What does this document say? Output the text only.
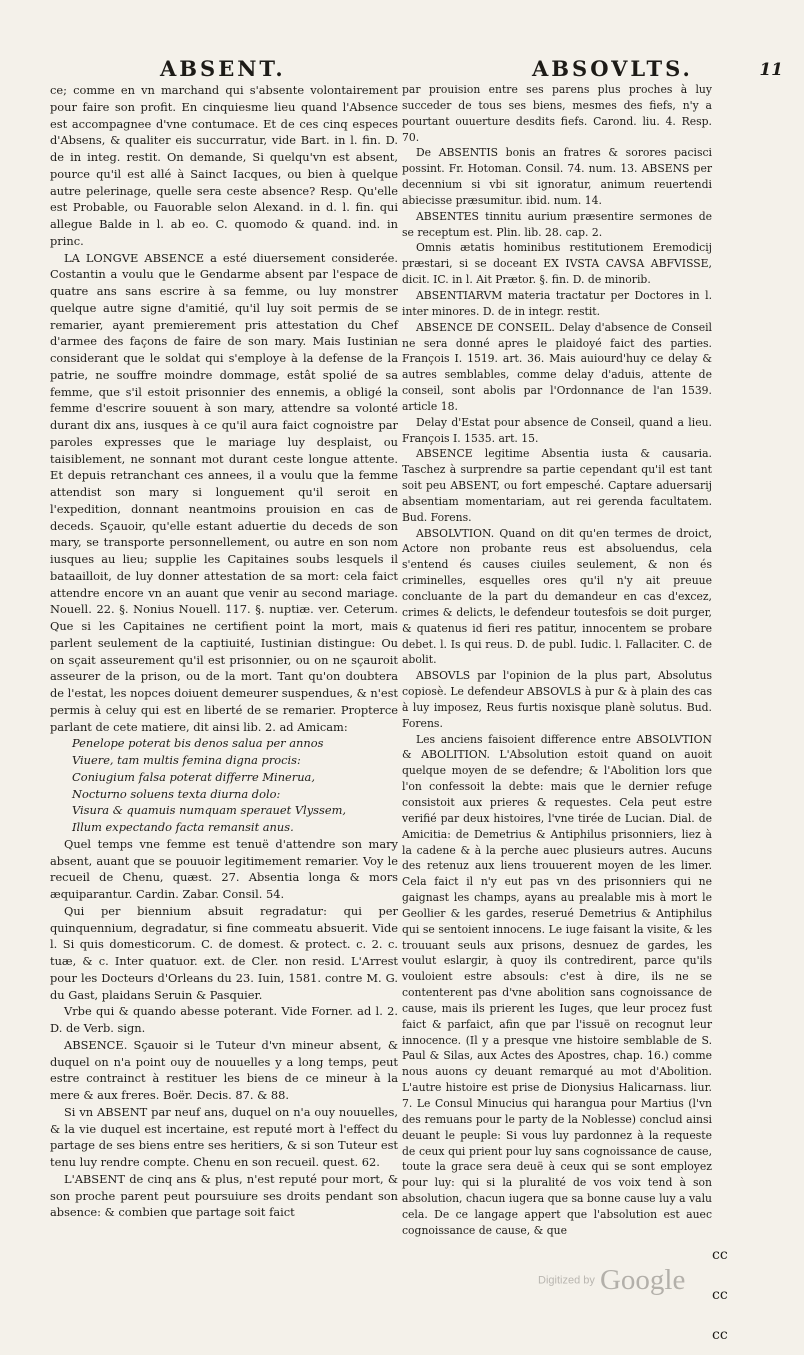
ABSENT.	ABSOVLTS.	11

ce; comme en vn marchand qui s'absente volontairement pour faire son profit. En cinquiesme lieu quand l'Absence est accompagnee d'vne contumace. Et de ces cinq especes d'Absens, & qualiter eis succurratur, vide Bart. in l. fin. D. de in integ. restit. On demande, Si quelqu'vn est absent, pource qu'il est allé à Sainct Iacques, ou bien à quelque autre pelerinage, quelle sera ceste absence? Resp. Qu'elle est Probable, ou Fauorable selon Alexand. in d. l. fin. qui allegue Balde in l. ab eo. C. quomodo & quand. ind. in princ.

LA LONGVE ABSENCE a esté diuersement considerée. Costantin a voulu que le Gendarme absent par l'espace de quatre ans sans escrire à sa femme, ou luy monstrer quelque autre signe d'amitié, qu'il luy soit permis de se remarier, ayant premierement pris attestation du Chef d'armee des façons de faire de son mary. Mais Iustinian considerant que le soldat qui s'employe à la defense de la patrie, ne souffre moindre dommage, estât spolié de sa femme, que s'il estoit prisonnier des ennemis, a obligé la femme d'escrire souuent à son mary, attendre sa volonté durant dix ans, iusques à ce qu'il aura faict cognoistre par paroles expresses que le mariage luy desplaist, ou taisiblement, ne sonnant mot durant ceste longue attente. Et depuis retranchant ces annees, il a voulu que la femme attendist son mary si longuement qu'il seroit en l'expedition, donnant neantmoins prouision en cas de deceds. Sçauoir, qu'elle estant aduertie du deceds de son mary, se transporte personnellement, ou autre en son nom iusques au lieu; supplie les Capitaines soubs lesquels il bataailloit, de luy donner attestation de sa mort: cela faict attendre encore vn an auant que venir au second mariage. Nouell. 22. §. Nonius Nouell. 117. §. nuptiæ. ver. Ceterum. Que si les Capitaines ne certifient point la mort, mais parlent seulement de la captiuité, Iustinian distingue: Ou on sçait asseurement qu'il est prisonnier, ou on ne sçauroit asseurer de la prison, ou de la mort. Tant qu'on doubtera de l'estat, les nopces doiuent demeurer suspendues, & n'est permis à celuy qui est en liberté de se remarier. Propterce parlant de cete matiere, dit ainsi lib. 2. ad Amicam:

Penelope poterat bis denos salua per annos

Viuere, tam multis femina digna procis:

Coniugium falsa poterat differre Minerua,

Nocturno soluens texta diurna dolo:

Visura & quamuis numquam sperauet Vlyssem,

Illum expectando facta remansit anus.

Quel temps vne femme est tenuë d'attendre son mary absent, auant que se pouuoir legitimement remarier. Voy le recueil de Chenu, quæst. 27. Absentia longa & mors æquiparantur. Cardin. Zabar. Consil. 54.

Qui per biennium absuit regradatur: qui per quinquennium, degradatur, si fine commeatu absuerit. Vide l. Si quis domesticorum. C. de domest. & protect. c. 2. c. tuæ, & c. Inter quatuor. ext. de Cler. non resid. L'Arrest pour les Docteurs d'Orleans du 23. Iuin, 1581. contre M. G. du Gast, plaidans Seruin & Pasquier.

Vrbe qui & quando abesse poterant. Vide Forner. ad l. 2. D. de Verb. sign.

ABSENCE. Sçauoir si le Tuteur d'vn mineur absent, & duquel on n'a point ouy de nouuelles y a long temps, peut estre contrainct à restituer les biens de ce mineur à la mere & aux freres. Boër. Decis. 87. & 88.

Si vn ABSENT par neuf ans, duquel on n'a ouy nouuelles, & la vie duquel est incertaine, est reputé mort à l'effect du partage de ses biens entre ses heritiers, & si son Tuteur est tenu luy rendre compte. Chenu en son recueil. quest. 62.

L'ABSENT de cinq ans & plus, n'est reputé pour mort, & son proche parent peut poursuiure ses droits pendant son absence: & combien que partage soit faict

par prouision entre ses parens plus proches à luy succeder de tous ses biens, mesmes des fiefs, n'y a pourtant ouuerture desdits fiefs. Carond. liu. 4. Resp. 70.

De ABSENTIS bonis an fratres & sorores pacisci possint. Fr. Hotoman. Consil. 74. num. 13. ABSENS per decennium si vbi sit ignoratur, animum reuertendi abiecisse præsumitur. ibid. num. 14.

ABSENTES tinnitu aurium præsentire sermones de se receptum est. Plin. lib. 28. cap. 2.

Omnis ætatis hominibus restitutionem Eremodicij præstari, si se doceant EX IVSTA CAVSA ABFVISSE, dicit. IC. in l. Ait Prætor. §. fin. D. de minorib.

ABSENTIARVM materia tractatur per Doctores in l. inter minores. D. de in integr. restit.

ABSENCE DE CONSEIL. Delay d'absence de Conseil ne sera donné apres le plaidoyé faict des parties. François I. 1519. art. 36. Mais auiourd'huy ce delay & autres semblables, comme delay d'aduis, attente de conseil, sont abolis par l'Ordonnance de l'an 1539. article 18.

Delay d'Estat pour absence de Conseil, quand a lieu. François I. 1535. art. 15.

ABSENCE legitime Absentia iusta & causaria. Taschez à surprendre sa partie cependant qu'il est tant soit peu ABSENT, ou fort empesché. Captare aduersarij absentiam momentariam, aut rei gerenda facultatem. Bud. Forens.

ABSOLVTION. Quand on dit qu'en termes de droict, Actore non probante reus est absoluendus, cela s'entend és causes ciuiles seulement, & non és criminelles, esquelles ores qu'il n'y ait preuue concluante de la part du demandeur en cas d'excez, crimes & delicts, le defendeur toutesfois se doit purger, & quatenus id fieri res patitur, innocentem se probare debet. l. Is qui reus. D. de publ. Iudic. l. Fallaciter. C. de abolit.

ABSOVLS par l'opinion de la plus part, Absolutus copiosè. Le defendeur ABSOVLS à pur & à plain des cas à luy imposez, Reus furtis noxisque planè solutus. Bud. Forens.

Les anciens faisoient difference entre ABSOLVTION & ABOLITION. L'Absolution estoit quand on auoit quelque moyen de se defendre; & l'Abolition lors que l'on confessoit la debte: mais que le dernier refuge consistoit aux prieres & requestes. Cela peut estre verifié par deux histoires, l'vne tirée de Lucian. Dial. de Amicitia: de Demetrius & Antiphilus prisonniers, liez à la cadene & à la perche auec plusieurs autres. Aucuns des retenuz aux liens trouuerent moyen de les limer. Cela faict il n'y eut pas vn des prisonniers qui ne gaignast les champs, ayans au prealable mis à mort le Geollier & les gardes, reserué Demetrius & Antiphilus qui se sentoient innocens. Le iuge faisant la visite, & les trouuant seuls aux prisons, desnuez de gardes, les voulut eslargir, à quoy ils contredirent, parce qu'ils vouloient estre absouls: c'est à dire, ils ne se contenterent pas d'vne abolition sans cognoissance de cause, mais ils prierent les Iuges, que leur procez fust faict & parfaict, afin que par l'issuë on recognut leur innocence. (Il y a presque vne histoire semblable de S. Paul & Silas, aux Actes des Apostres, chap. 16.) comme nous auons cy deuant remarqué au mot d'Abolition. L'autre histoire est prise de Dionysius Halicarnass. liur. 7. Le Consul Minucius qui harangua pour Martius (l'vn des remuans pour le party de la Noblesse) conclud ainsi deuant le peuple: Si vous luy pardonnez à la requeste de ceux qui prient pour luy sans cognoissance de cause, toute la grace sera deuë à ceux qui se sont employez pour luy: qui si la pluralité de vos voix tend à son absolution, chacun iugera que sa bonne cause luy a valu cela. De ce langage appert que l'absolution est auec cognoissance de cause, & que

cc
cc
cc
Digitized by Google
